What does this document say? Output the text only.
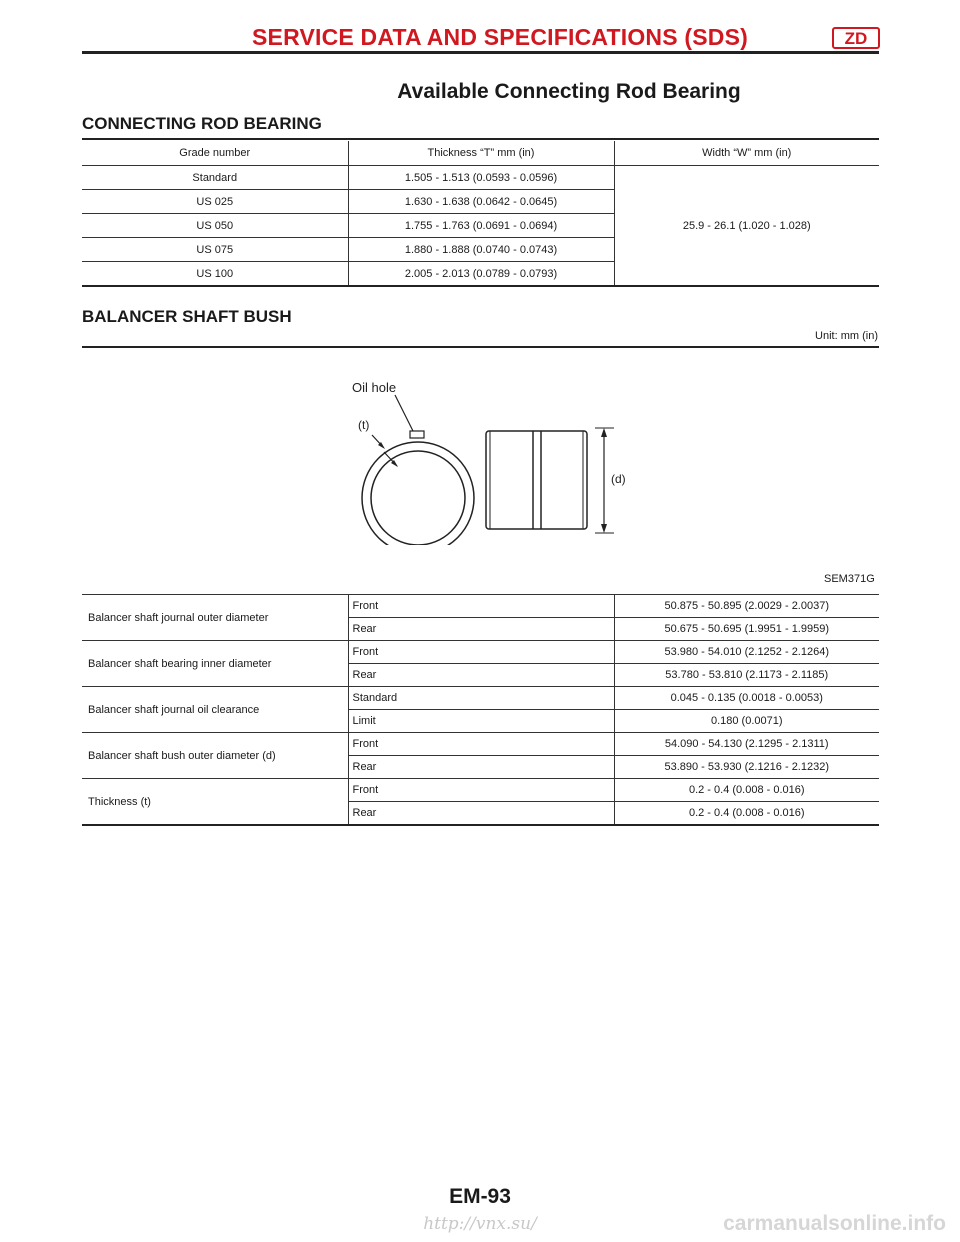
SERVICE DATA AND SPECIFICATIONS (SDS)	ZD
Available Connecting Rod Bearing
CONNECTING ROD BEARING
Grade number	Thickness “T” mm (in)	Width “W” mm (in)
Standard	1.505 - 1.513 (0.0593 - 0.0596)	25.9 - 26.1 (1.020 - 1.028)
US 025	1.630 - 1.638 (0.0642 - 0.0645)	
US 050	1.755 - 1.763 (0.0691 - 0.0694)	
US 075	1.880 - 1.888 (0.0740 - 0.0743)	
US 100	2.005 - 2.013 (0.0789 - 0.0793)	
BALANCER SHAFT BUSH
Unit: mm (in)
Oil hole
(t)
(d)
SEM371G
Balancer shaft journal outer diameter	Front	50.875 - 50.895 (2.0029 - 2.0037)
	Rear	50.675 - 50.695 (1.9951 - 1.9959)
Balancer shaft bearing inner diameter	Front	53.980 - 54.010 (2.1252 - 2.1264)
	Rear	53.780 - 53.810 (2.1173 - 2.1185)
Balancer shaft journal oil clearance	Standard	0.045 - 0.135 (0.0018 - 0.0053)
	Limit	0.180 (0.0071)
Balancer shaft bush outer diameter (d)	Front	54.090 - 54.130 (2.1295 - 2.1311)
	Rear	53.890 - 53.930 (2.1216 - 2.1232)
Thickness (t)	Front	0.2 - 0.4 (0.008 - 0.016)
	Rear	0.2 - 0.4 (0.008 - 0.016)
EM-93
http://vnx.su/	carmanualsonline.info
